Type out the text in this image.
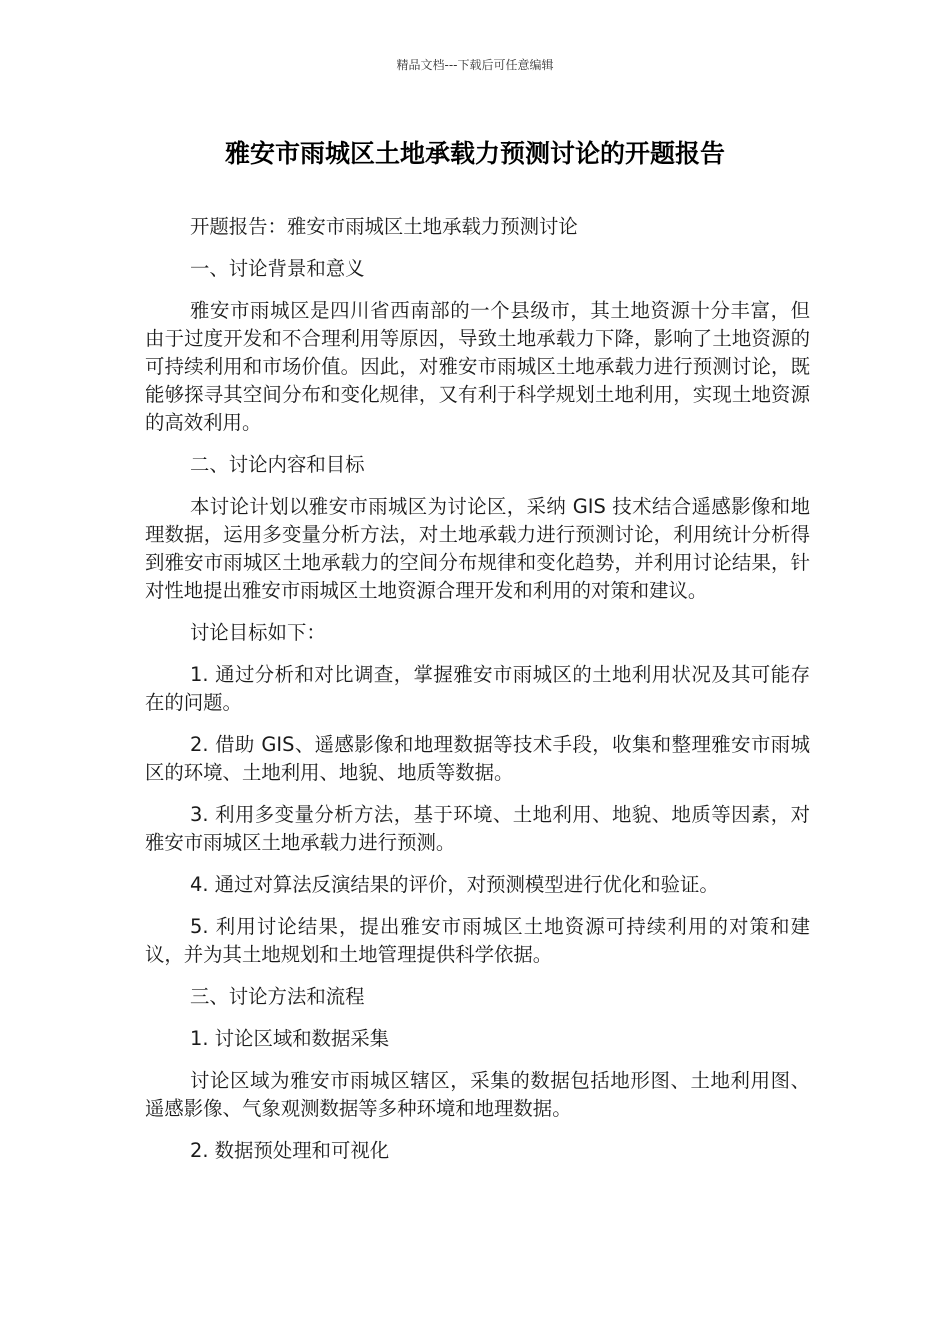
精品文档---下载后可任意编辑
雅安市雨城区土地承载力预测讨论的开题报告

开题报告：雅安市雨城区土地承载力预测讨论

一、讨论背景和意义

雅安市雨城区是四川省西南部的一个县级市，其土地资源十分丰富，但由于过度开发和不合理利用等原因，导致土地承载力下降，影响了土地资源的可持续利用和市场价值。因此，对雅安市雨城区土地承载力进行预测讨论，既能够探寻其空间分布和变化规律，又有利于科学规划土地利用，实现土地资源的高效利用。

二、讨论内容和目标

本讨论计划以雅安市雨城区为讨论区，采纳 GIS 技术结合遥感影像和地理数据，运用多变量分析方法，对土地承载力进行预测讨论，利用统计分析得到雅安市雨城区土地承载力的空间分布规律和变化趋势，并利用讨论结果，针对性地提出雅安市雨城区土地资源合理开发和利用的对策和建议。

讨论目标如下：

1. 通过分析和对比调查，掌握雅安市雨城区的土地利用状况及其可能存在的问题。

2. 借助 GIS、遥感影像和地理数据等技术手段，收集和整理雅安市雨城区的环境、土地利用、地貌、地质等数据。

3. 利用多变量分析方法，基于环境、土地利用、地貌、地质等因素，对雅安市雨城区土地承载力进行预测。

4. 通过对算法反演结果的评价，对预测模型进行优化和验证。

5. 利用讨论结果，提出雅安市雨城区土地资源可持续利用的对策和建议，并为其土地规划和土地管理提供科学依据。

三、讨论方法和流程

1. 讨论区域和数据采集

讨论区域为雅安市雨城区辖区，采集的数据包括地形图、土地利用图、遥感影像、气象观测数据等多种环境和地理数据。

2. 数据预处理和可视化
